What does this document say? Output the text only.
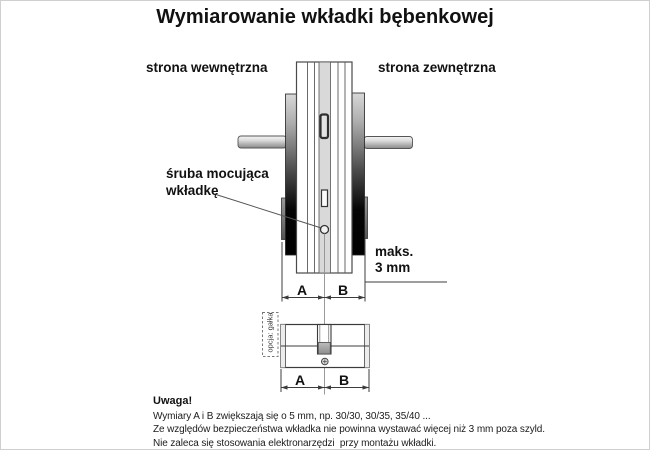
Wymiarowanie wkładki bębenkowej
strona wewnętrzna	strona zewnętrzna
śruba mocująca
wkładkę
maks.
3 mm
A	B
A	B
opcja: gałka
Uwaga!
Wymiary A i B zwiększają się o 5 mm, np. 30/30, 30/35, 35/40 ...
Ze względów bezpieczeństwa wkładka nie powinna wystawać więcej niż 3 mm poza szyld.
Nie zaleca się stosowania elektronarzędzi  przy montażu wkładki.
